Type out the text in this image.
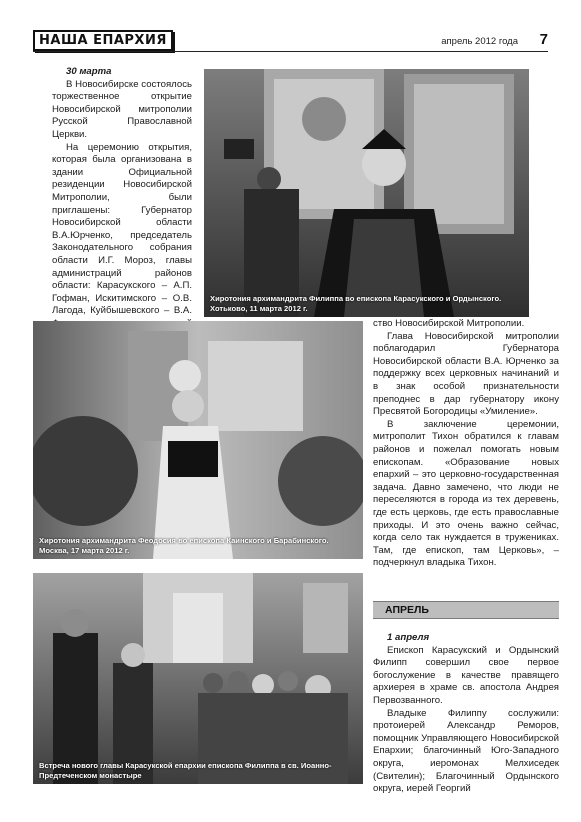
НАША ЕПАРХИЯ	апрель 2012 года 7

30 марта

В Новосибирске состоялось торжественное открытие Новосибирской митрополии Русской Православной Церкви.

На церемонию открытия, которая была организована в здании Официальной резиденции Новосибирской Митрополии, были приглашены: Губернатор Новосибирской области В.А.Юрченко, председатель Законодательного собрания области И.Г. Мороз, главы администраций районов области: Карасукского – А.П. Гофман, Искитимского – О.В. Лагода, Куйбышевского – В.А.

Хиротония архимандрита Филиппа во епископа Карасукского и Ордынского. Хотьково, 11 марта 2012 г.
Хиротония архимандрита Феодосия во епископа Каинского и Барабинского. Москва, 17 марта 2012 г.

ство Новосибирской Митрополии.

Глава Новосибирской митрополии поблагодарил Губернатора Новосибирской области В.А. Юрченко за поддержку всех церковных начинаний и в знак особой признательности преподнес в дар губернатору икону Пресвятой Богородицы «Умиление».

В заключение церемонии, митрополит Тихон обратился к главам районов и пожелал помогать новым епископам. «Образование новых епархий – это церковно-государственная задача. Давно замечено, что люди не переселяются в города из тех деревень, где есть церковь, где есть православные приходы. И это очень важно сейчас, когда село так нуждается в тружениках. Там, где епископ, там Церковь», – подчеркнул владыка Тихон.

Встреча нового главы Карасукской епархии епископа Филиппа в св. Иоанно-Предтеченском монастыре
АПРЕЛЬ

1 апреля

Епископ Карасукский и Ордынский Филипп совершил свое первое богослужение в качестве правящего архиерея в храме св. апостола Андрея Первозванного.

Владыке Филиппу сослужили: протоиерей Александр Реморов, помощник Управляющего Новосибирской Епархии; благочинный Юго-Западного округа, иеромонах Мелхиседек (Свителин); Благочинный Ордынского округа, иерей Георгий
